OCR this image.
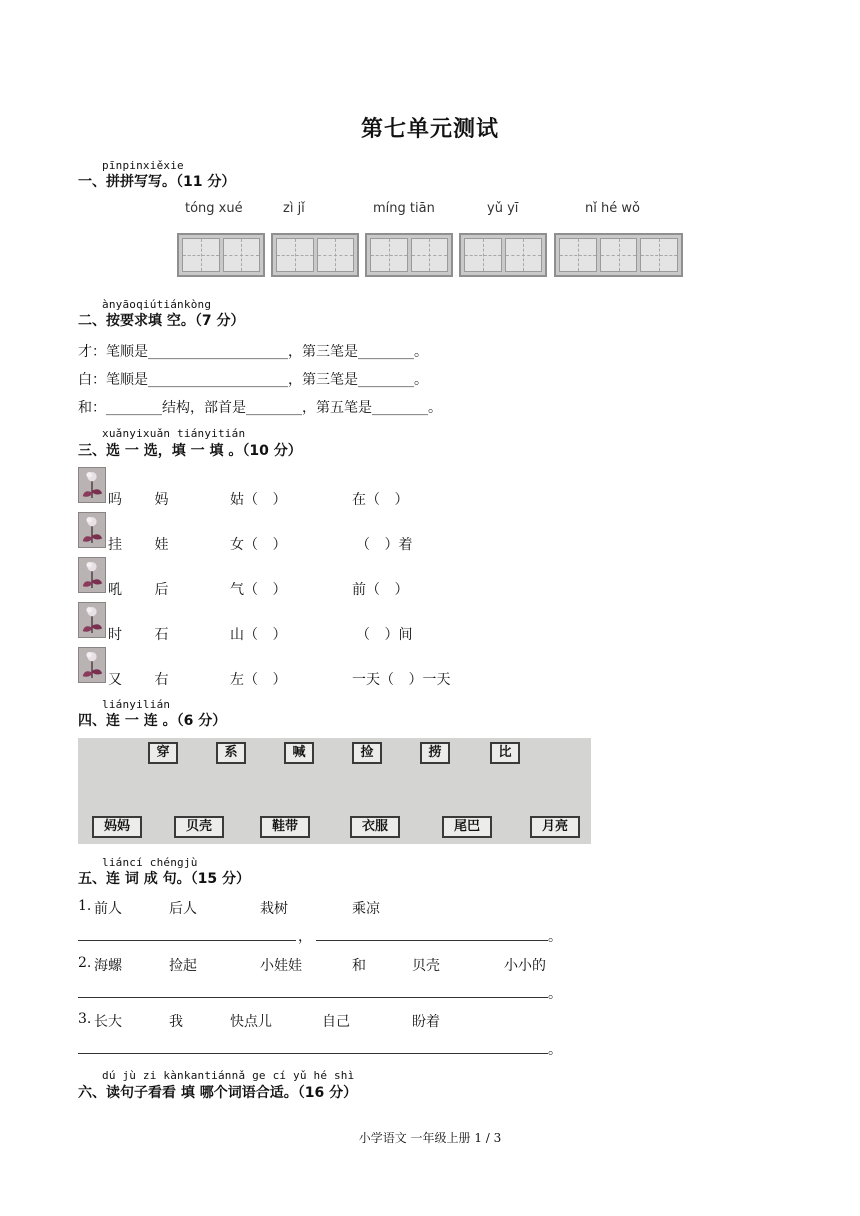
第七单元测试
pīnpinxiěxie
一、拼拼写写。（11 分）
tóng xué	zì jǐ	míng tiān	yǔ yī	nǐ hé wǒ
ànyāoqiútiánkòng
二、按要求填 空。（7 分）
才：笔顺是____________________，第三笔是________。
白：笔顺是____________________，第三笔是________。
和：________结构，部首是________，第五笔是________。
xuǎnyixuǎn tiányitián
三、选 一 选，填 一 填 。（10 分）
吗 妈	姑（ ）	在（ ）
挂 娃	女（ ）	（ ）着
吼 后	气（ ）	前（ ）
时 石	山（ ）	（ ）间
又 右	左（ ）	一天（ ）一天
liányilián
四、连 一 连 。（6 分）
穿	系	喊	捡	捞	比
妈妈	贝壳	鞋带	衣服	尾巴	月亮
liáncí chéngjù
五、连 词 成 句。（15 分）
1. 前人	后人	栽树	乘凉
，	。
2. 海螺	捡起	小娃娃	和	贝壳	小小的
。
3. 长大	我	快点儿	自己	盼着
。
dú jù zi kànkantiánnǎ ge cí yǔ hé shì
六、读句子看看 填 哪个词语合适。（16 分）
小学语文 一年级上册 1 / 3
